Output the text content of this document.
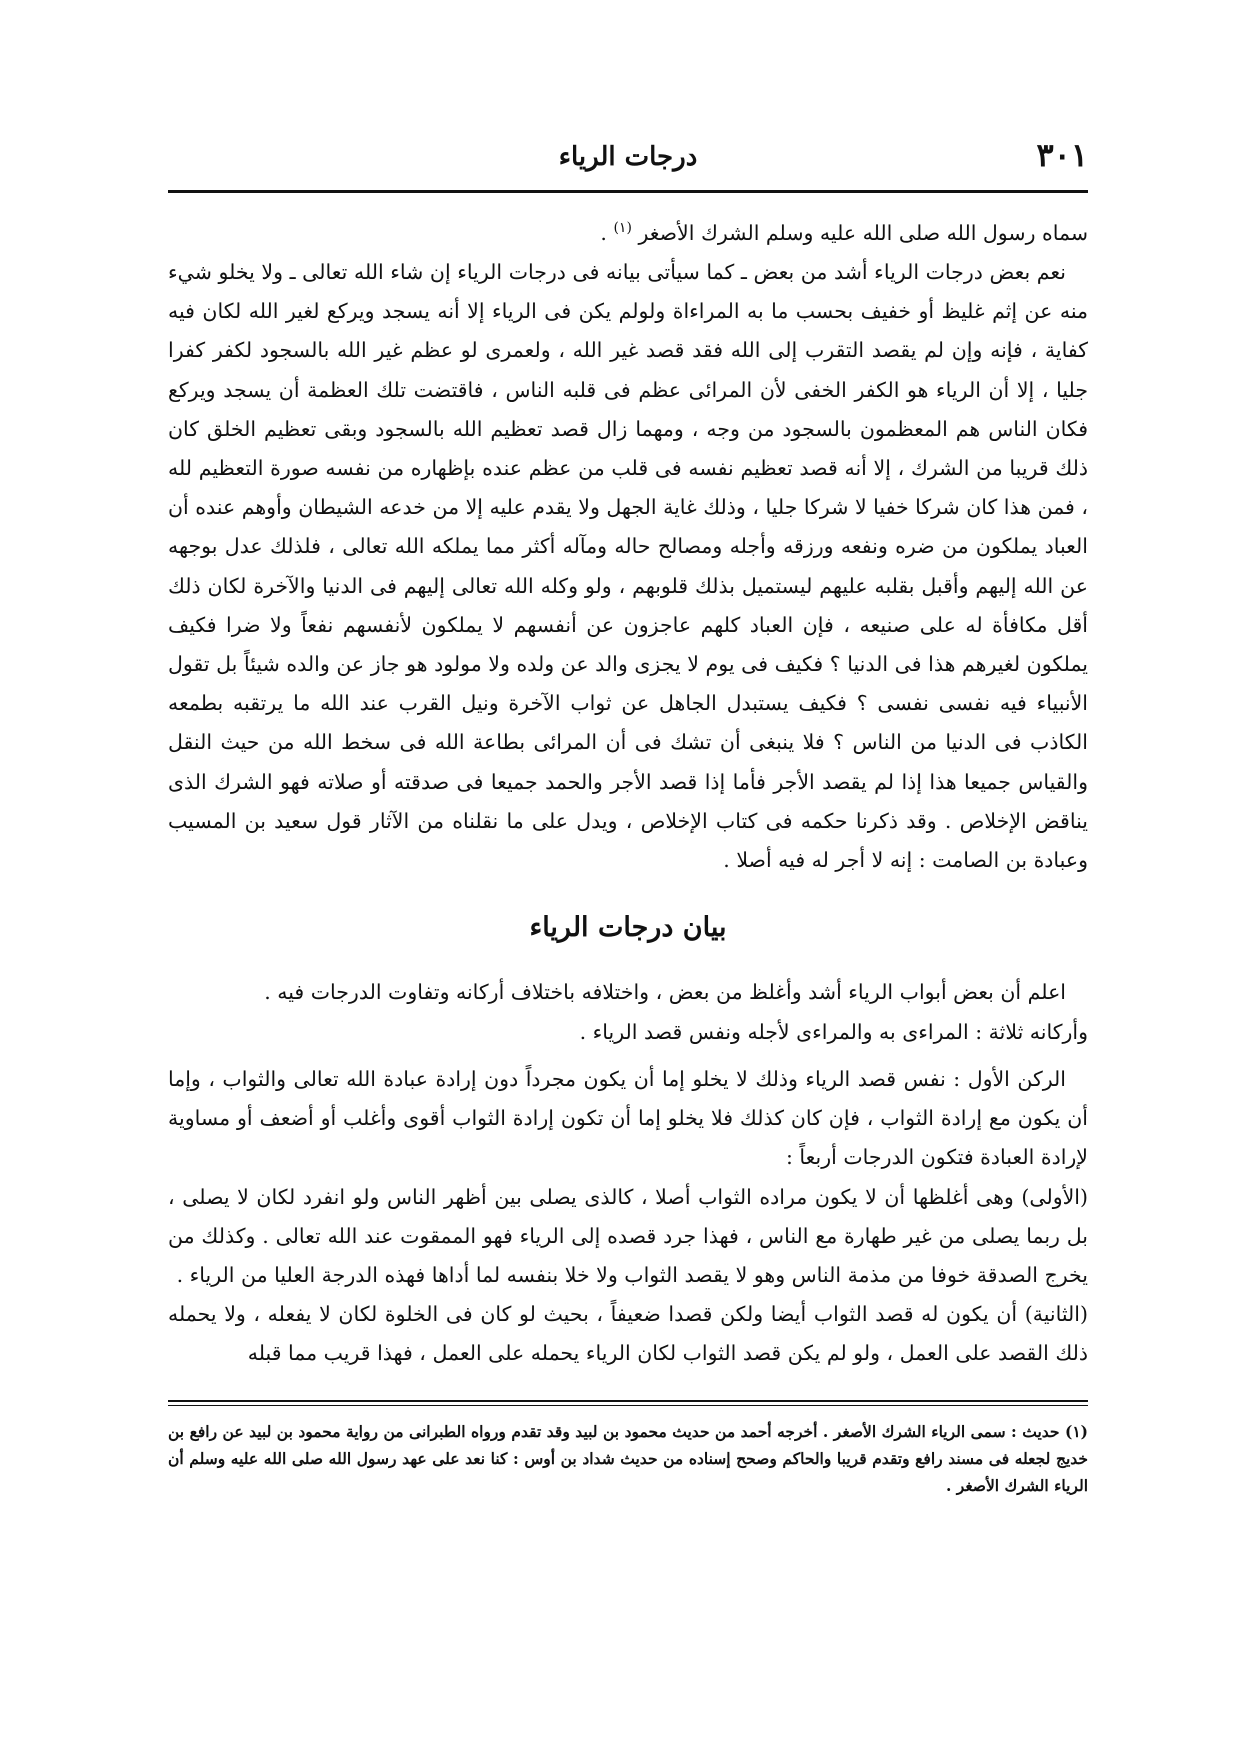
درجات الرياء	٣٠١

سماه رسول الله صلى الله عليه وسلم الشرك الأصغر $^{(١)}$ .

نعم بعض درجات الرياء أشد من بعض ـ كما سيأتى بيانه فى درجات الرياء إن شاء الله تعالى ـ ولا يخلو شيء منه عن إثم غليظ أو خفيف بحسب ما به المراءاة ولولم يكن فى الرياء إلا أنه يسجد ويركع لغير الله لكان فيه كفاية ، فإنه وإن لم يقصد التقرب إلى الله فقد قصد غير الله ، ولعمرى لو عظم غير الله بالسجود لكفر كفرا جليا ، إلا أن الرياء هو الكفر الخفى لأن المرائى عظم فى قلبه الناس ، فاقتضت تلك العظمة أن يسجد ويركع فكان الناس هم المعظمون بالسجود من وجه ، ومهما زال قصد تعظيم الله بالسجود وبقى تعظيم الخلق كان ذلك قريبا من الشرك ، إلا أنه قصد تعظيم نفسه فى قلب من عظم عنده بإظهاره من نفسه صورة التعظيم لله ، فمن هذا كان شركا خفيا لا شركا جليا ، وذلك غاية الجهل ولا يقدم عليه إلا من خدعه الشيطان وأوهم عنده أن العباد يملكون من ضره ونفعه ورزقه وأجله ومصالح حاله ومآله أكثر مما يملكه الله تعالى ، فلذلك عدل بوجهه عن الله إليهم وأقبل بقلبه عليهم ليستميل بذلك قلوبهم ، ولو وكله الله تعالى إليهم فى الدنيا والآخرة لكان ذلك أقل مكافأة له على صنيعه ، فإن العباد كلهم عاجزون عن أنفسهم لا يملكون لأنفسهم نفعاً ولا ضرا فكيف يملكون لغيرهم هذا فى الدنيا ؟ فكيف فى يوم لا يجزى والد عن ولده ولا مولود هو جاز عن والده شيئاً بل تقول الأنبياء فيه نفسى نفسى ؟ فكيف يستبدل الجاهل عن ثواب الآخرة ونيل القرب عند الله ما يرتقبه بطمعه الكاذب فى الدنيا من الناس ؟ فلا ينبغى أن تشك فى أن المرائى بطاعة الله فى سخط الله من حيث النقل والقياس جميعا هذا إذا لم يقصد الأجر فأما إذا قصد الأجر والحمد جميعا فى صدقته أو صلاته فهو الشرك الذى يناقض الإخلاص . وقد ذكرنا حكمه فى كتاب الإخلاص ، ويدل على ما نقلناه من الآثار قول سعيد بن المسيب وعبادة بن الصامت : إنه لا أجر له فيه أصلا .

بيان درجات الرياء

اعلم أن بعض أبواب الرياء أشد وأغلظ من بعض ، واختلافه باختلاف أركانه وتفاوت الدرجات فيه .

وأركانه ثلاثة : المراءى به والمراءى لأجله ونفس قصد الرياء .

الركن الأول : نفس قصد الرياء وذلك لا يخلو إما أن يكون مجرداً دون إرادة عبادة الله تعالى والثواب ، وإما أن يكون مع إرادة الثواب ، فإن كان كذلك فلا يخلو إما أن تكون إرادة الثواب أقوى وأغلب أو أضعف أو مساوية لإرادة العبادة فتكون الدرجات أربعاً :

(الأولى) وهى أغلظها أن لا يكون مراده الثواب أصلا ، كالذى يصلى بين أظهر الناس ولو انفرد لكان لا يصلى ، بل ربما يصلى من غير طهارة مع الناس ، فهذا جرد قصده إلى الرياء فهو الممقوت عند الله تعالى . وكذلك من يخرج الصدقة خوفا من مذمة الناس وهو لا يقصد الثواب ولا خلا بنفسه لما أداها فهذه الدرجة العليا من الرياء .

(الثانية) أن يكون له قصد الثواب أيضا ولكن قصدا ضعيفاً ، بحيث لو كان فى الخلوة لكان لا يفعله ، ولا يحمله ذلك القصد على العمل ، ولو لم يكن قصد الثواب لكان الرياء يحمله على العمل ، فهذا قريب مما قبله

(١) حديث : سمى الرياء الشرك الأصغر . أخرجه أحمد من حديث محمود بن لبيد وقد تقدم ورواه الطبرانى من رواية محمود بن لبيد عن رافع بن خديج لجعله فى مسند رافع وتقدم قريبا والحاكم وصحح إسناده من حديث شداد بن أوس : كنا نعد على عهد رسول الله صلى الله عليه وسلم أن الرياء الشرك الأصغر .
